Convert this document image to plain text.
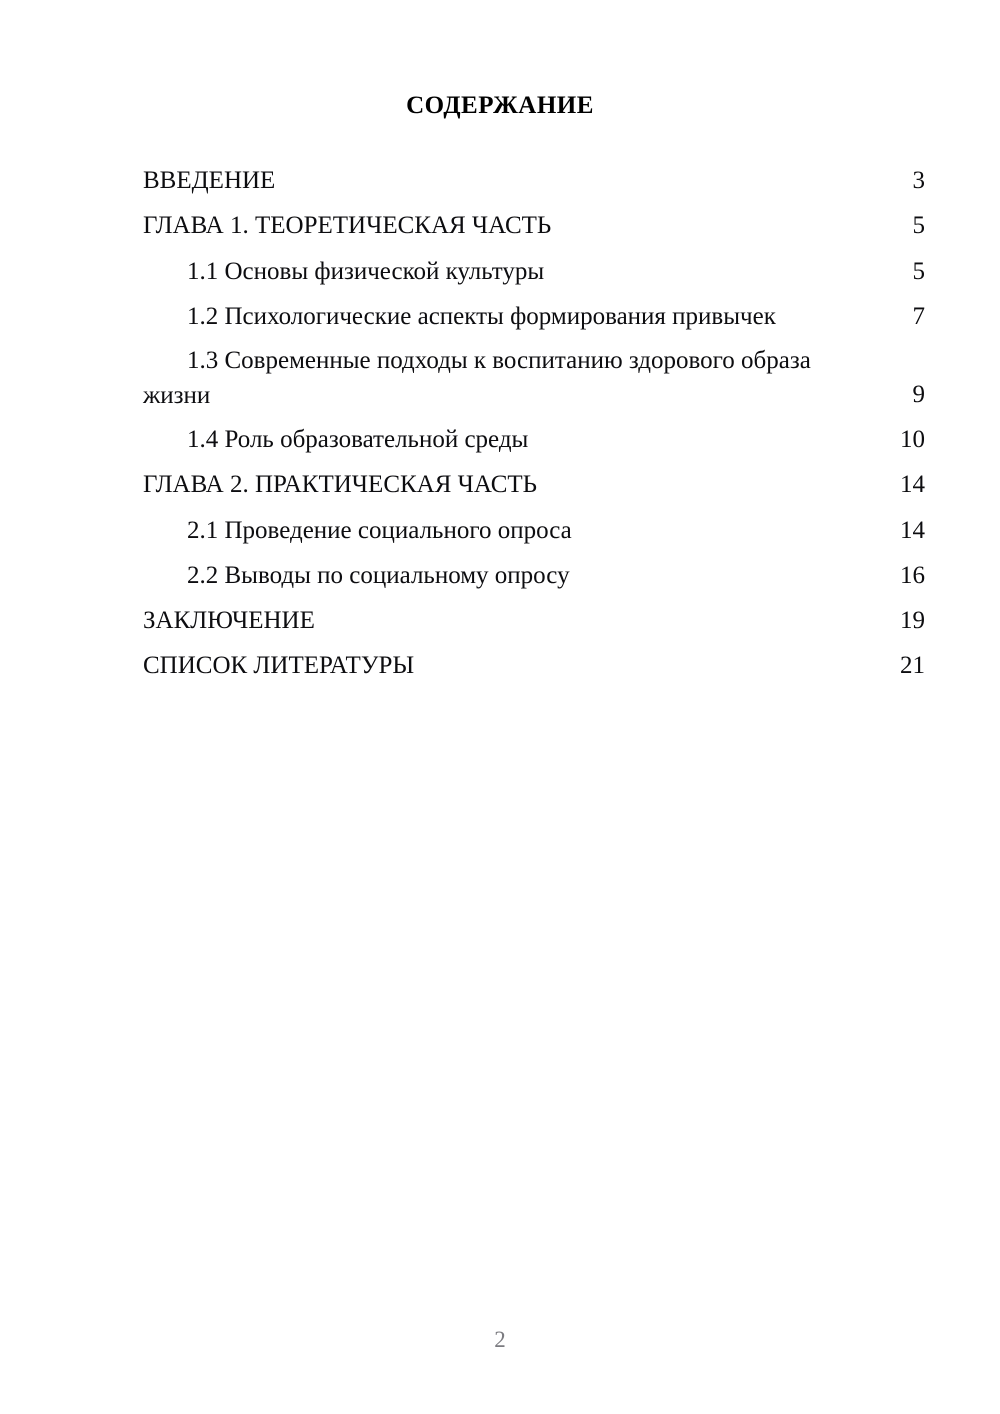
СОДЕРЖАНИЕ
ВВЕДЕНИЕ	3
ГЛАВА 1. ТЕОРЕТИЧЕСКАЯ ЧАСТЬ	5
1.1 Основы физической культуры	5
1.2 Психологические аспекты формирования привычек	7
1.3 Современные подходы к воспитанию здорового образа жизни	9
1.4 Роль образовательной среды	10
ГЛАВА 2. ПРАКТИЧЕСКАЯ ЧАСТЬ	14
2.1 Проведение социального опроса	14
2.2 Выводы по социальному опросу	16
ЗАКЛЮЧЕНИЕ	19
СПИСОК ЛИТЕРАТУРЫ	21
2
